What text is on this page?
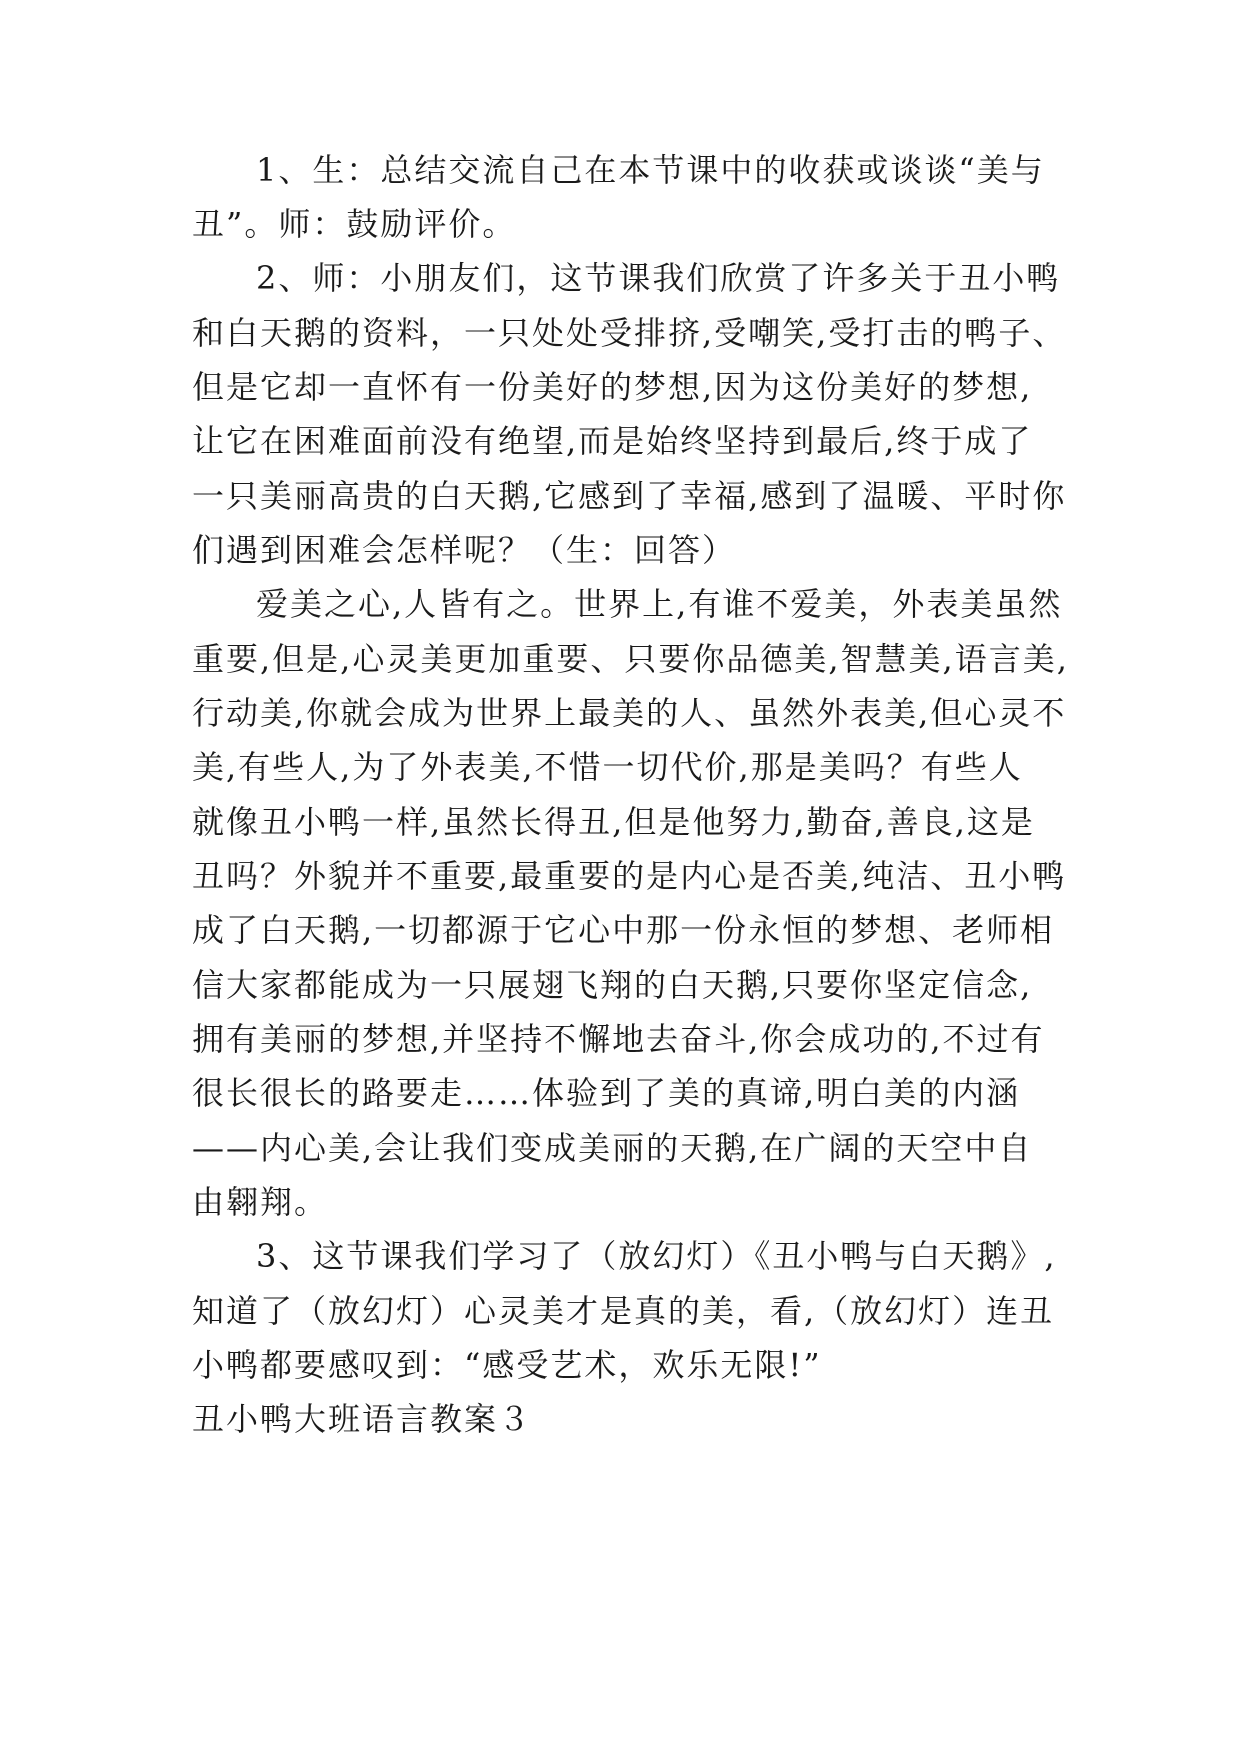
1、生：总结交流自己在本节课中的收获或谈谈“美与
丑”。师：鼓励评价。
2、师：小朋友们，这节课我们欣赏了许多关于丑小鸭
和白天鹅的资料，一只处处受排挤,受嘲笑,受打击的鸭子、
但是它却一直怀有一份美好的梦想,因为这份美好的梦想,
让它在困难面前没有绝望,而是始终坚持到最后,终于成了
一只美丽高贵的白天鹅,它感到了幸福,感到了温暖、平时你
们遇到困难会怎样呢？（生：回答）
爱美之心,人皆有之。世界上,有谁不爱美，外表美虽然
重要,但是,心灵美更加重要、只要你品德美,智慧美,语言美,
行动美,你就会成为世界上最美的人、虽然外表美,但心灵不
美,有些人,为了外表美,不惜一切代价,那是美吗？有些人
就像丑小鸭一样,虽然长得丑,但是他努力,勤奋,善良,这是
丑吗？外貌并不重要,最重要的是内心是否美,纯洁、丑小鸭
成了白天鹅,一切都源于它心中那一份永恒的梦想、老师相
信大家都能成为一只展翅飞翔的白天鹅,只要你坚定信念,
拥有美丽的梦想,并坚持不懈地去奋斗,你会成功的,不过有
很长很长的路要走……体验到了美的真谛,明白美的内涵
——内心美,会让我们变成美丽的天鹅,在广阔的天空中自
由翱翔。
3、这节课我们学习了（放幻灯）《丑小鸭与白天鹅》,
知道了（放幻灯）心灵美才是真的美，看,（放幻灯）连丑
小鸭都要感叹到：“感受艺术，欢乐无限!”
丑小鸭大班语言教案３
